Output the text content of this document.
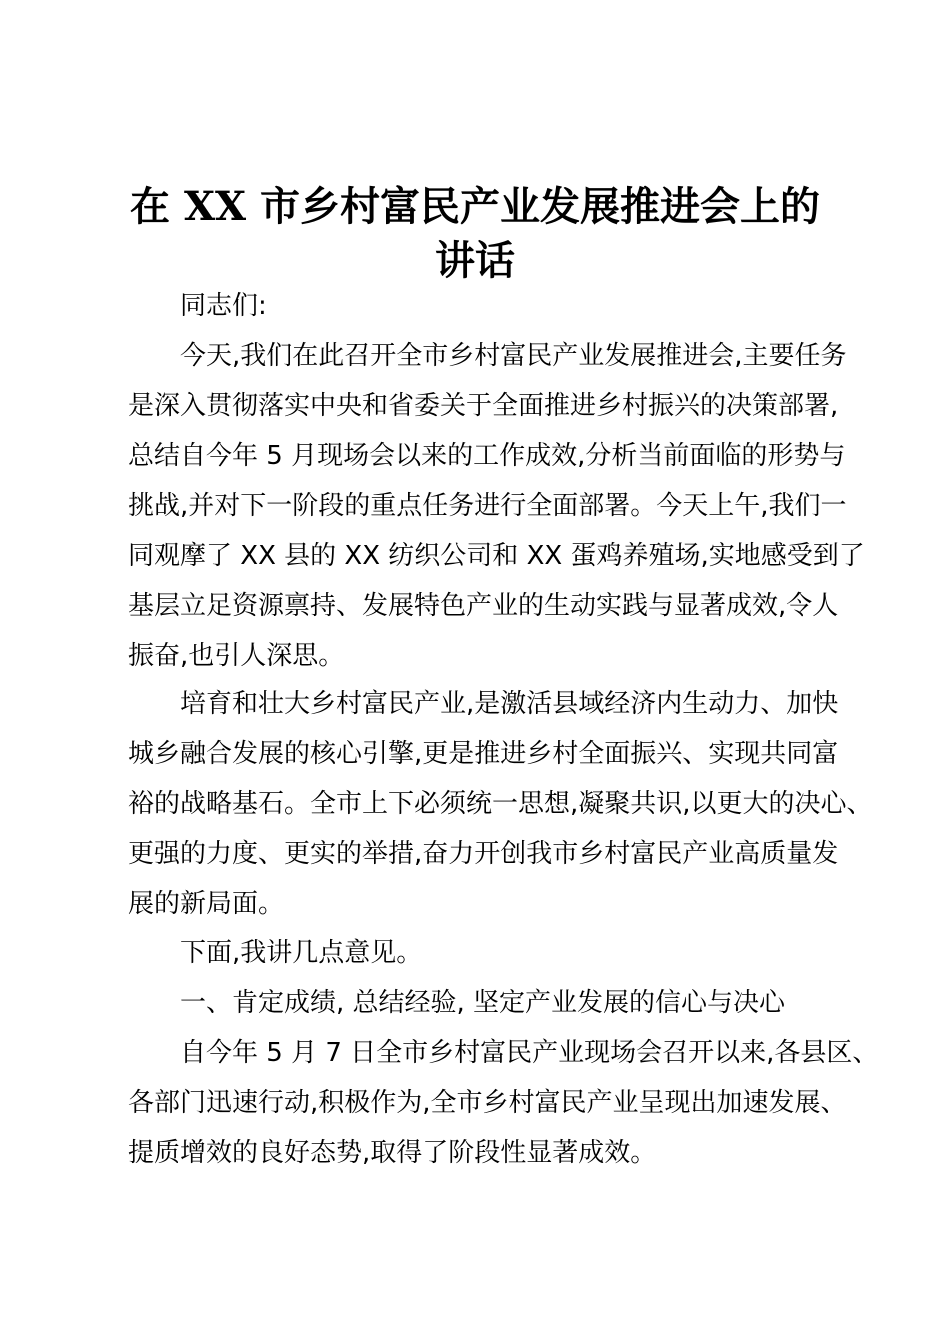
在 XX 市乡村富民产业发展推进会上的
讲话

同志们:

今天,我们在此召开全市乡村富民产业发展推进会,主要任务

是深入贯彻落实中央和省委关于全面推进乡村振兴的决策部署,

总结自今年 5 月现场会以来的工作成效,分析当前面临的形势与

挑战,并对下一阶段的重点任务进行全面部署。今天上午,我们一

同观摩了 XX 县的 XX 纺织公司和 XX 蛋鸡养殖场,实地感受到了

基层立足资源禀持、发展特色产业的生动实践与显著成效,令人

振奋,也引人深思。

培育和壮大乡村富民产业,是激活县域经济内生动力、加快

城乡融合发展的核心引擎,更是推进乡村全面振兴、实现共同富

裕的战略基石。全市上下必须统一思想,凝聚共识,以更大的决心、

更强的力度、更实的举措,奋力开创我市乡村富民产业高质量发

展的新局面。

下面,我讲几点意见。

一、肯定成绩, 总结经验, 坚定产业发展的信心与决心

自今年 5 月 7 日全市乡村富民产业现场会召开以来,各县区、

各部门迅速行动,积极作为,全市乡村富民产业呈现出加速发展、

提质增效的良好态势,取得了阶段性显著成效。
